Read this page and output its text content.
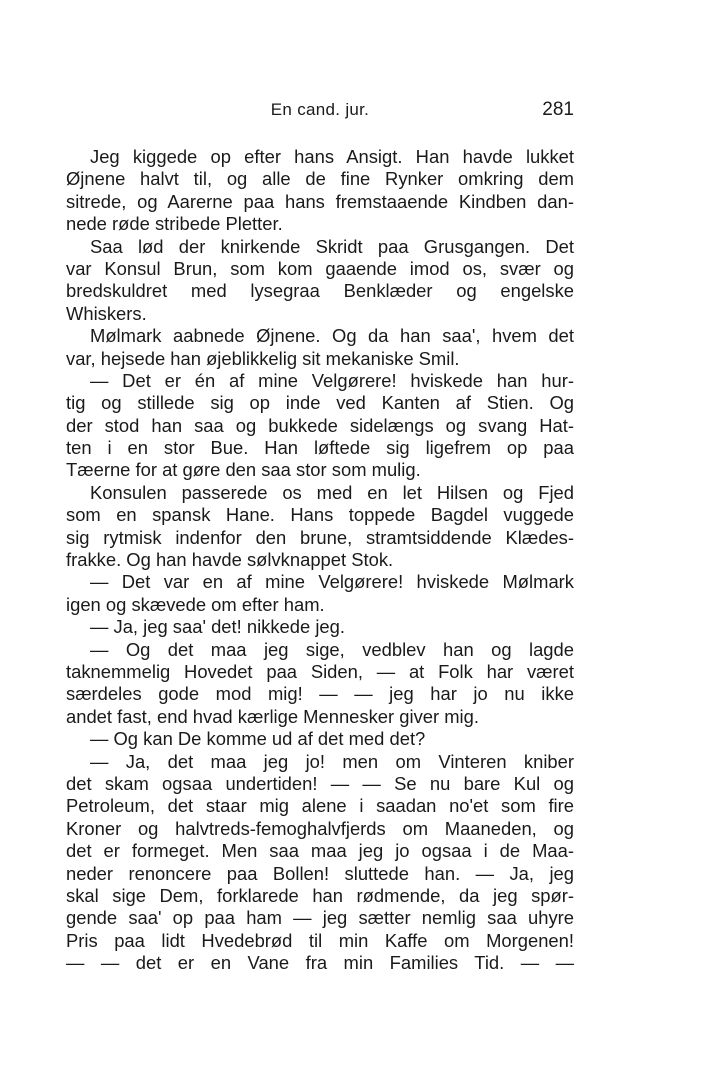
En cand. jur.	281
Jeg kiggede op efter hans Ansigt. Han havde lukket
Øjnene halvt til, og alle de fine Rynker omkring dem
sitrede, og Aarerne paa hans fremstaaende Kindben dan-
nede røde stribede Pletter.
Saa lød der knirkende Skridt paa Grusgangen. Det
var Konsul Brun, som kom gaaende imod os, svær og
bredskuldret med lysegraa Benklæder og engelske
Whiskers.
Mølmark aabnede Øjnene. Og da han saa', hvem det
var, hejsede han øjeblikkelig sit mekaniske Smil.
— Det er én af mine Velgørere! hviskede han hur-
tig og stillede sig op inde ved Kanten af Stien. Og
der stod han saa og bukkede sidelængs og svang Hat-
ten i en stor Bue. Han løftede sig ligefrem op paa
Tæerne for at gøre den saa stor som mulig.
Konsulen passerede os med en let Hilsen og Fjed
som en spansk Hane. Hans toppede Bagdel vuggede
sig rytmisk indenfor den brune, stramtsiddende Klædes-
frakke. Og han havde sølvknappet Stok.
— Det var en af mine Velgørere! hviskede Mølmark
igen og skævede om efter ham.
— Ja, jeg saa' det! nikkede jeg.
— Og det maa jeg sige, vedblev han og lagde
taknemmelig Hovedet paa Siden, — at Folk har været
særdeles gode mod mig! — — jeg har jo nu ikke
andet fast, end hvad kærlige Mennesker giver mig.
— Og kan De komme ud af det med det?
— Ja, det maa jeg jo! men om Vinteren kniber
det skam ogsaa undertiden! — — Se nu bare Kul og
Petroleum, det staar mig alene i saadan no'et som fire
Kroner og halvtreds-femoghalvfjerds om Maaneden, og
det er formeget. Men saa maa jeg jo ogsaa i de Maa-
neder renoncere paa Bollen! sluttede han. — Ja, jeg
skal sige Dem, forklarede han rødmende, da jeg spør-
gende saa' op paa ham — jeg sætter nemlig saa uhyre
Pris paa lidt Hvedebrød til min Kaffe om Morgenen!
— — det er en Vane fra min Families Tid. — —
